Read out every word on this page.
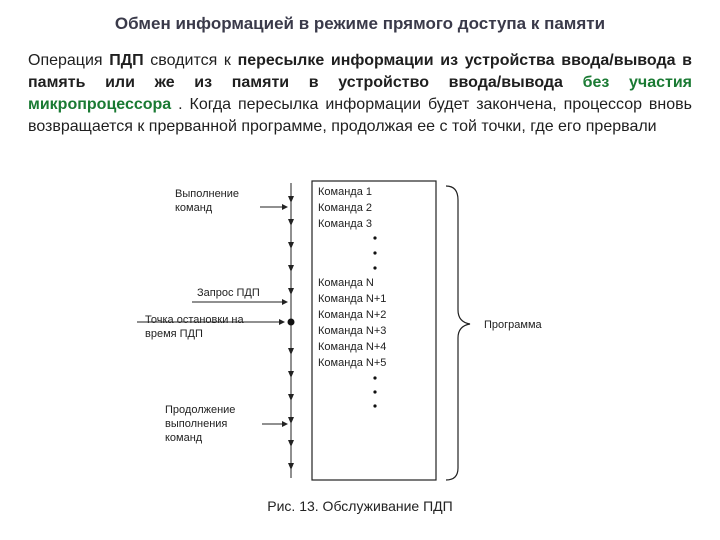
Обмен информацией в режиме прямого доступа к памяти
Операция ПДП сводится к пересылке информации из устройства ввода/вывода в память или же из памяти в устройство ввода/вывода без участия микропроцессора . Когда пересылка информации будет закончена, процессор вновь возвращается к прерванной программе, продолжая ее с той точки, где его прервали
Выполнение команд
Запрос ПДП
Точка остановки на время ПДП
Продолжение выполнения команд
Программа
Команда 1
Команда 2
Команда 3
Команда N
Команда N+1
Команда N+2
Команда N+3
Команда N+4
Команда N+5
Рис. 13. Обслуживание ПДП
